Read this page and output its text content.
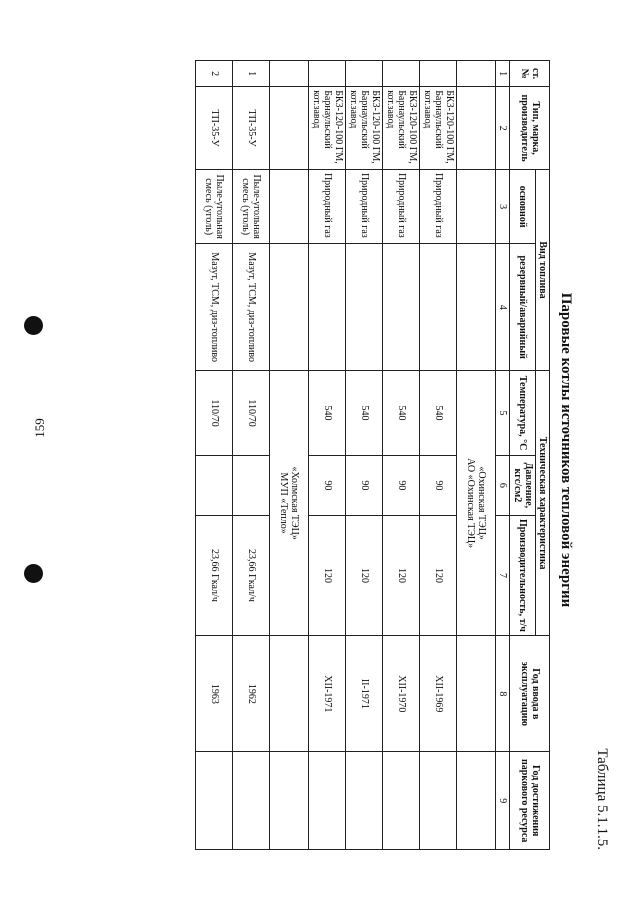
159
Таблица 5.1.1.5.
Паровые котлы источников тепловой энергии
ст. №	Тип, марка, производитель	Вид топлива		Техническая характеристика			Год ввода в эксплуатацию	Год достижения паркового ресурса
		основной	резервный/аварийный	Температура, °С	Давление, кгс/см2	Производительность, т/ч		
1	2	3	4	5	6	7	8	9

				«Охинская ТЭЦ»
АО «Охинская ТЭЦ»				

	БКЗ-120-100 ГМ, Барнаульский кот.завод	Природный газ		540	90	120	XII-1969	
	БКЗ-120-100 ГМ, Барнаульский кот.завод	Природный газ		540	90	120	XII-1970	
	БКЗ-120-100 ГМ, Барнаульский кот.завод	Природный газ		540	90	120	II-1971	
	БКЗ-120-100 ГМ, Барнаульский кот.завод	Природный газ		540	90	120	XII-1971	

				«Холмская ТЭЦ»
МУП «Тепло»				

1	ТП-35-У	Пыле-угольная смесь (уголь)	Мазут, ТСМ, диз-топливо	110/70		23,66 Гкал/ч	1962	
2	ТП-35-У	Пыле-угольная смесь (уголь)	Мазут, ТСМ, диз-топливо	110/70		23,66 Гкал/ч	1963	
